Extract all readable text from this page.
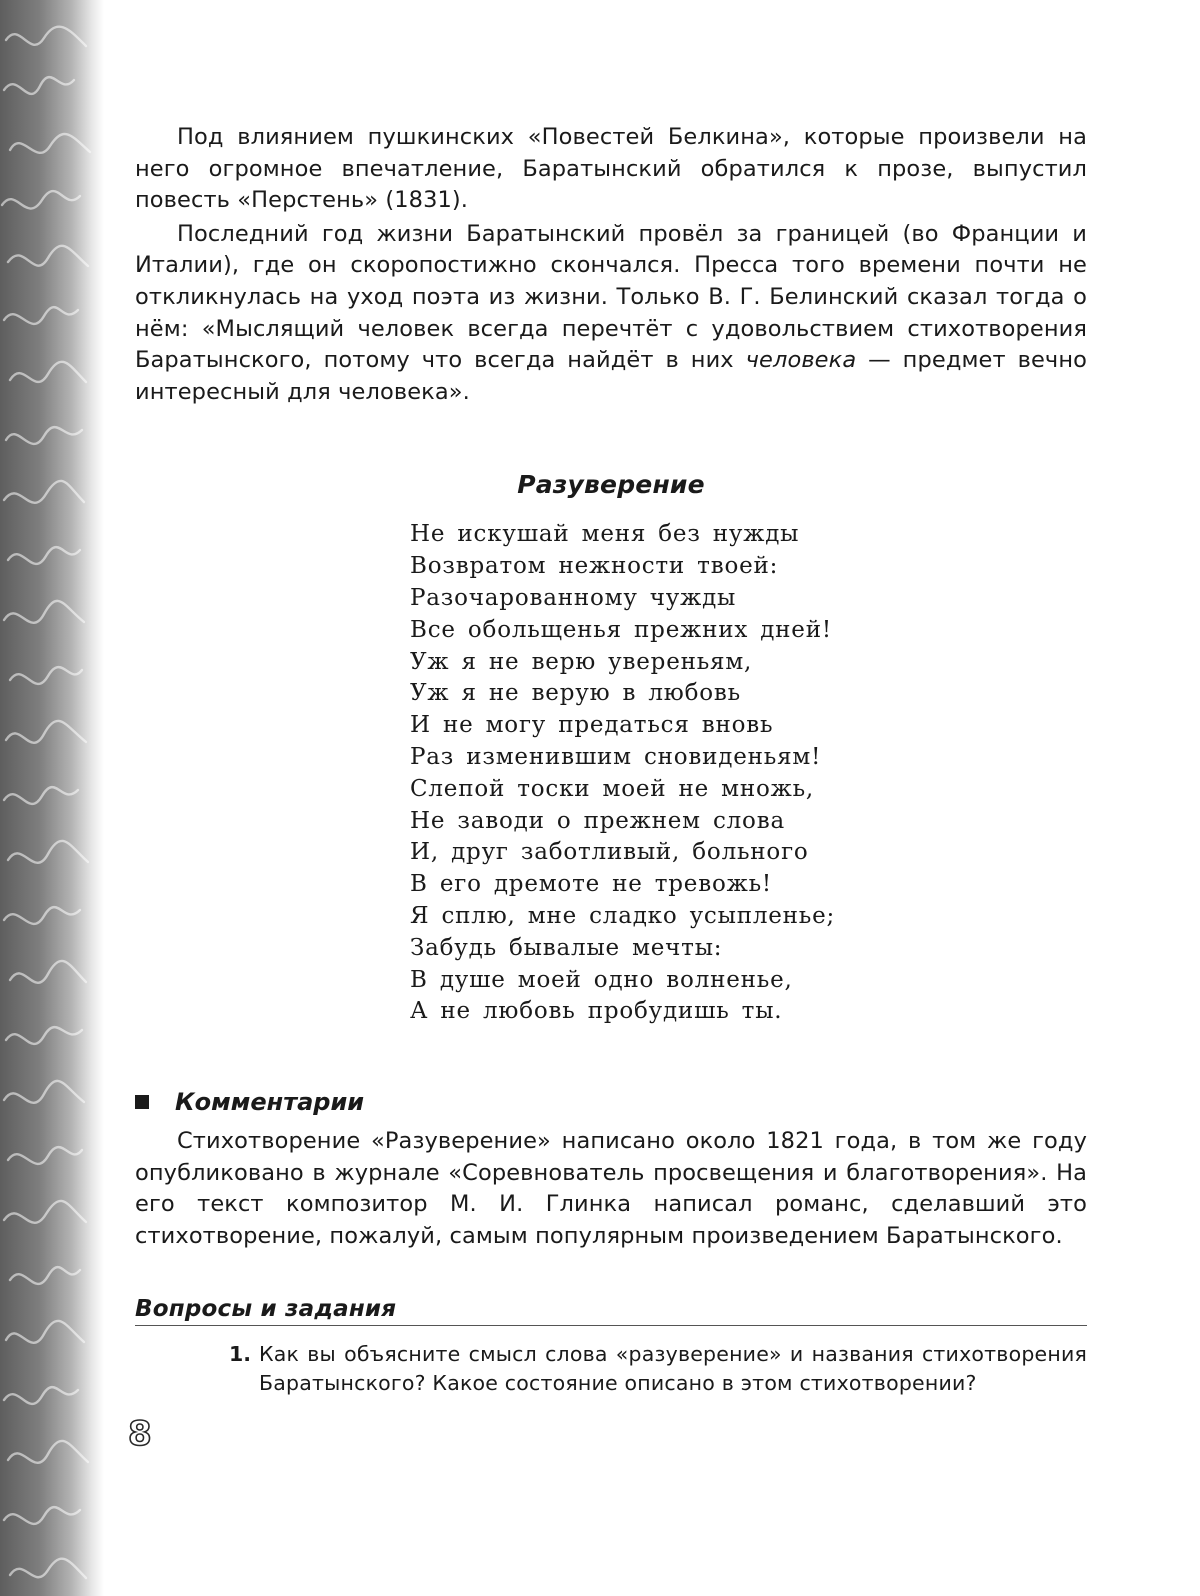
Под влиянием пушкинских «Повестей Белкина», которые произвели на него огромное впечатление, Баратынский обратился к прозе, выпустил повесть «Перстень» (1831).

Последний год жизни Баратынский провёл за границей (во Франции и Италии), где он скоропостижно скончался. Пресса того времени почти не откликнулась на уход поэта из жизни. Только В. Г. Белинский сказал тогда о нём: «Мыслящий человек всегда перечтёт с удовольствием стихотворения Баратынского, потому что всегда найдёт в них человека — предмет вечно интересный для человека».

Разуверение
Не искушай меня без нужды
Возвратом нежности твоей:
Разочарованному чужды
Все обольщенья прежних дней!
Уж я не верю увереньям,
Уж я не верую в любовь
И не могу предаться вновь
Раз изменившим сновиденьям!
Слепой тоски моей не множь,
Не заводи о прежнем слова
И, друг заботливый, больного
В его дремоте не тревожь!
Я сплю, мне сладко усыпленье;
Забудь бывалые мечты:
В душе моей одно волненье,
А не любовь пробудишь ты.
Комментарии

Стихотворение «Разуверение» написано около 1821 года, в том же году опубликовано в журнале «Соревнователь просвещения и благотворения». На его текст композитор М. И. Глинка написал романс, сделавший это стихотворение, пожалуй, самым популярным произведением Баратынского.

Вопросы и задания
1. Как вы объясните смысл слова «разуверение» и названия стихотворения Баратынского? Какое состояние описано в этом стихотворении?
8
